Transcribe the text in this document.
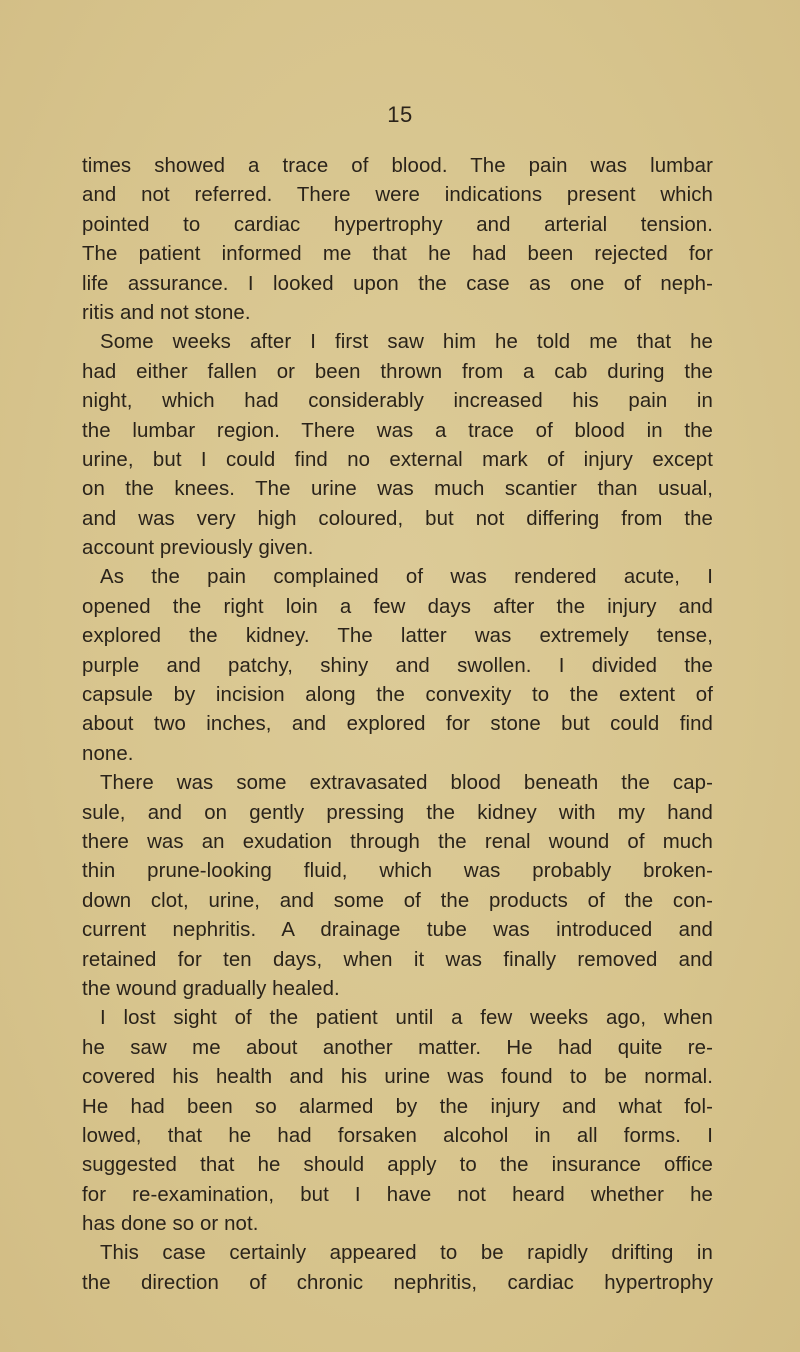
15
times showed a trace of blood. The pain was lumbar
and not referred. There were indications present which
pointed to cardiac hypertrophy and arterial tension.
The patient informed me that he had been rejected for
life assurance. I looked upon the case as one of neph-
ritis and not stone.
Some weeks after I first saw him he told me that he
had either fallen or been thrown from a cab during the
night, which had considerably increased his pain in
the lumbar region. There was a trace of blood in the
urine, but I could find no external mark of injury except
on the knees. The urine was much scantier than usual,
and was very high coloured, but not differing from the
account previously given.
As the pain complained of was rendered acute, I
opened the right loin a few days after the injury and
explored the kidney. The latter was extremely tense,
purple and patchy, shiny and swollen. I divided the
capsule by incision along the convexity to the extent of
about two inches, and explored for stone but could find
none.
There was some extravasated blood beneath the cap-
sule, and on gently pressing the kidney with my hand
there was an exudation through the renal wound of much
thin prune-looking fluid, which was probably broken-
down clot, urine, and some of the products of the con-
current nephritis. A drainage tube was introduced and
retained for ten days, when it was finally removed and
the wound gradually healed.
I lost sight of the patient until a few weeks ago, when
he saw me about another matter. He had quite re-
covered his health and his urine was found to be normal.
He had been so alarmed by the injury and what fol-
lowed, that he had forsaken alcohol in all forms. I
suggested that he should apply to the insurance office
for re-examination, but I have not heard whether he
has done so or not.
This case certainly appeared to be rapidly drifting in
the direction of chronic nephritis, cardiac hypertrophy
